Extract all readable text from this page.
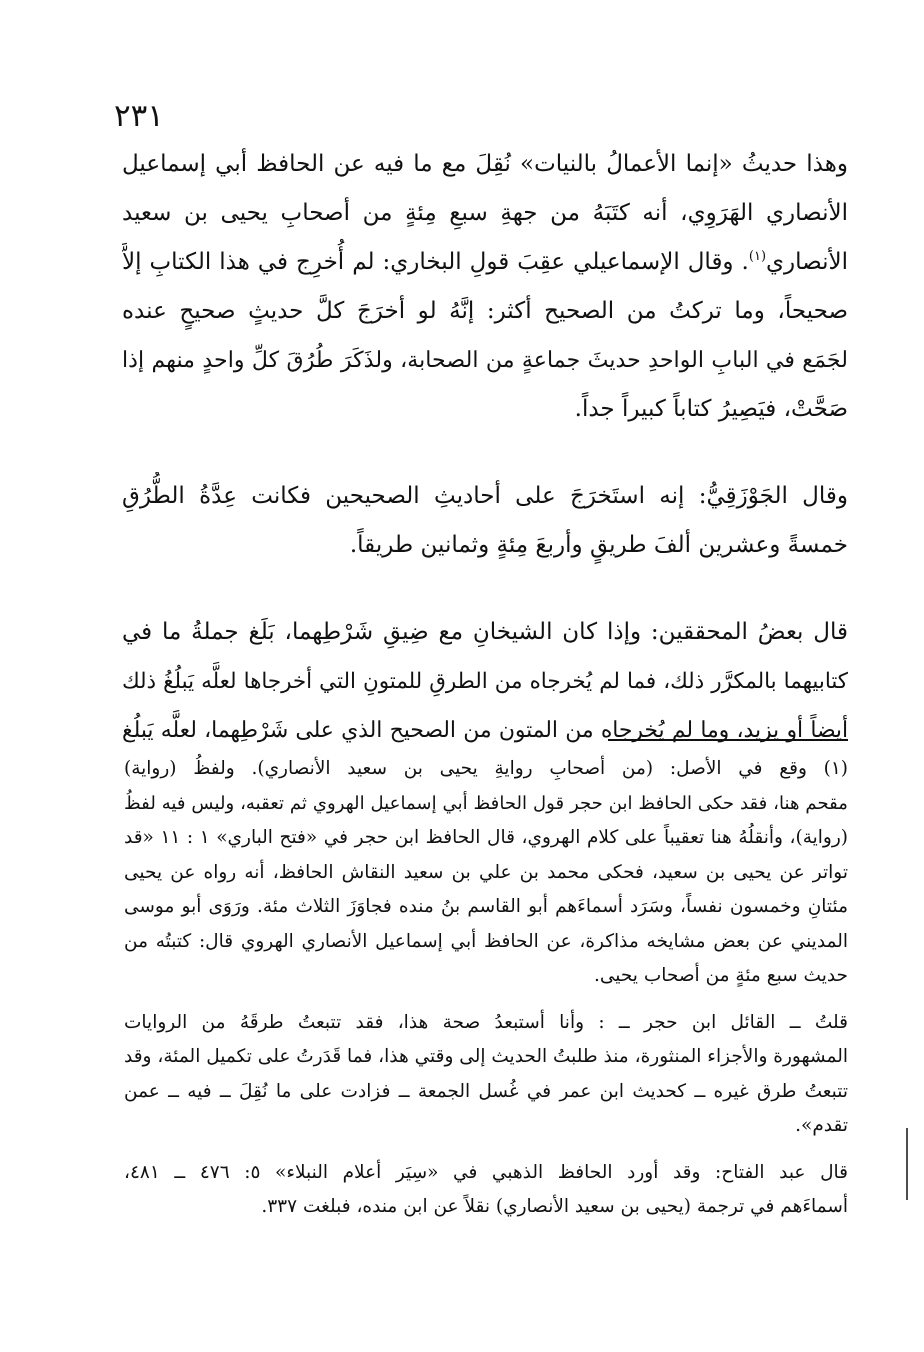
٢٣١
وهذا حديثُ «إنما الأعمالُ بالنيات» نُقِلَ مع ما فيه عن الحافظ أبي إسماعيل
الأنصاري الهَرَوِي، أنه كتَبَهُ من جهةِ سبعِ مِئةٍ من أصحابِ يحيى بن سعيد
الأنصاري$^{(١)}$. وقال الإسماعيلي عقِبَ قولِ البخاري: لم أُخرِج في هذا الكتابِ إلاَّ
صحيحاً، وما تركتُ من الصحيح أكثر: إنَّهُ لو أخرَجَ كلَّ حديثٍ صحيحٍ عنده
لجَمَع في البابِ الواحدِ حديثَ جماعةٍ من الصحابة، ولذَكَرَ طُرُقَ كلِّ واحدٍ منهم إذا
صَحَّتْ، فيَصِيرُ كتاباً كبيراً جداً.
وقال الجَوْزَقِيُّ: إنه استَخرَجَ على أحاديثِ الصحيحين فكانت عِدَّةُ الطُّرُقِ
خمسةً وعشرين ألفَ طريقٍ وأربعَ مِئةٍ وثمانين طريقاً.
قال بعضُ المحققين: وإذا كان الشيخانِ مع ضِيقِ شَرْطِهما، بَلَغ جملةُ ما في
كتابيهما بالمكرَّر ذلك، فما لم يُخرجاه من الطرقِ للمتونِ التي أخرجاها لعلَّه يَبلُغُ ذلك
أيضاً أو يزيد، وما لم يُخرجاه من المتون من الصحيح الذي على شَرْطِهما، لعلَّه يَبلُغ
(١) وقع في الأصل: (من أصحابِ روايةِ يحيى بن سعيد الأنصاري). ولفظُ (رواية)
مقحم هنا، فقد حكى الحافظ ابن حجر قول الحافظ أبي إسماعيل الهروي ثم تعقبه، وليس فيه لفظُ
(رواية)، وأنقلُهُ هنا تعقيباً على كلام الهروي، قال الحافظ ابن حجر في «فتح الباري» ١ : ١١ «قد
تواتر عن يحيى بن سعيد، فحكى محمد بن علي بن سعيد النقاش الحافظ، أنه رواه عن يحيى
مئتانِ وخمسون نفساً، وسَرَد أسماءَهم أبو القاسم بنُ منده فجاوَزَ الثلاث مئة. ورَوَى أبو موسى
المديني عن بعض مشايخه مذاكرة، عن الحافظ أبي إسماعيل الأنصاري الهروي قال: كتبتُه من
حديث سبع مئةٍ من أصحاب يحيى.
قلتُ ــ القائل ابن حجر ــ : وأنا أستبعدُ صحة هذا، فقد تتبعتُ طرقَهُ من الروايات
المشهورة والأجزاء المنثورة، منذ طلبتُ الحديث إلى وقتي هذا، فما قَدَرتُ على تكميل المئة، وقد
تتبعتُ طرق غيره ــ كحديث ابن عمر في غُسل الجمعة ــ فزادت على ما نُقِلَ ــ فيه ــ عمن
تقدم».
قال عبد الفتاح: وقد أورد الحافظ الذهبي في «سِيَر أعلام النبلاء» ٥: ٤٧٦ ــ ٤٨١،
أسماءَهم في ترجمة (يحيى بن سعيد الأنصاري) نقلاً عن ابن منده، فبلغت ٣٣٧.
